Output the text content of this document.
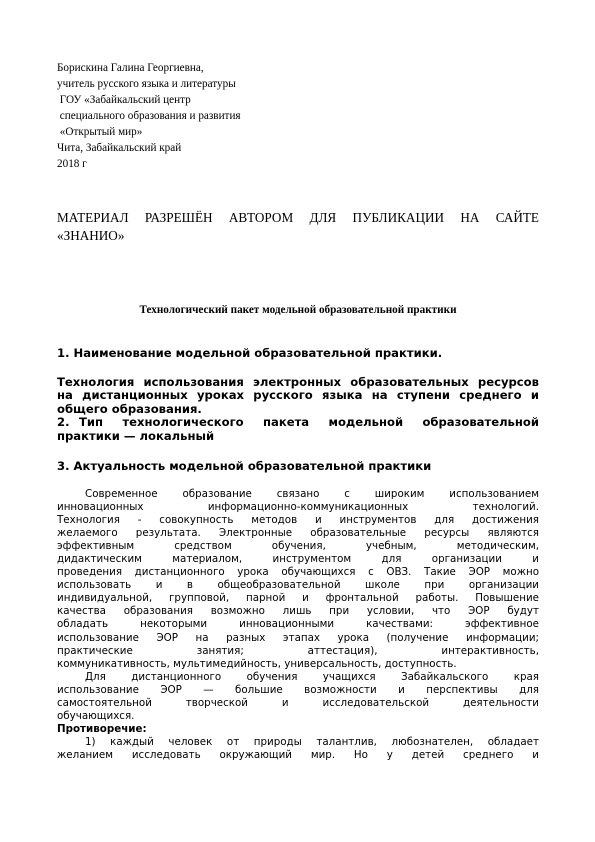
Борискина Галина Георгиевна,
учитель русского языка и литературы
ГОУ «Забайкальский центр
специального образования и развития
«Открытый мир»
Чита, Забайкальский край
2018 г
МАТЕРИАЛ РАЗРЕШЁН АВТОРОМ ДЛЯ ПУБЛИКАЦИИ НА САЙТЕ
«ЗНАНИО»
Технологический пакет модельной образовательной практики
1. Наименование модельной образовательной практики.
Технология использования электронных образовательных ресурсов
на дистанционных уроках русского языка на ступени среднего и
общего образования.
2. Тип технологического пакета модельной образовательной
практики — локальный
3. Актуальность модельной образовательной практики
Современное образование связано с широким использованием
инновационных информационно-коммуникационных технологий.
Технология - совокупность методов и инструментов для достижения
желаемого результата. Электронные образовательные ресурсы являются
эффективным средством обучения, учебным, методическим,
дидактическим материалом, инструментом для организации и
проведения дистанционного урока обучающихся с ОВЗ. Такие ЭОР можно
использовать и в общеобразовательной школе при организации
индивидуальной, групповой, парной и фронтальной работы. Повышение
качества образования возможно лишь при условии, что ЭОР будут
обладать некоторыми инновационными качествами: эффективное
использование ЭОР на разных этапах урока (получение информации;
практические занятия; аттестация), интерактивность,
коммуникативность, мультимедийность, универсальность, доступность.
Для дистанционного обучения учащихся Забайкальского края
использование ЭОР — большие возможности и перспективы для
самостоятельной творческой и исследовательской деятельности
обучающихся.
Противоречие:
1) каждый человек от природы талантлив, любознателен, обладает
желанием исследовать окружающий мир. Но у детей среднего и
